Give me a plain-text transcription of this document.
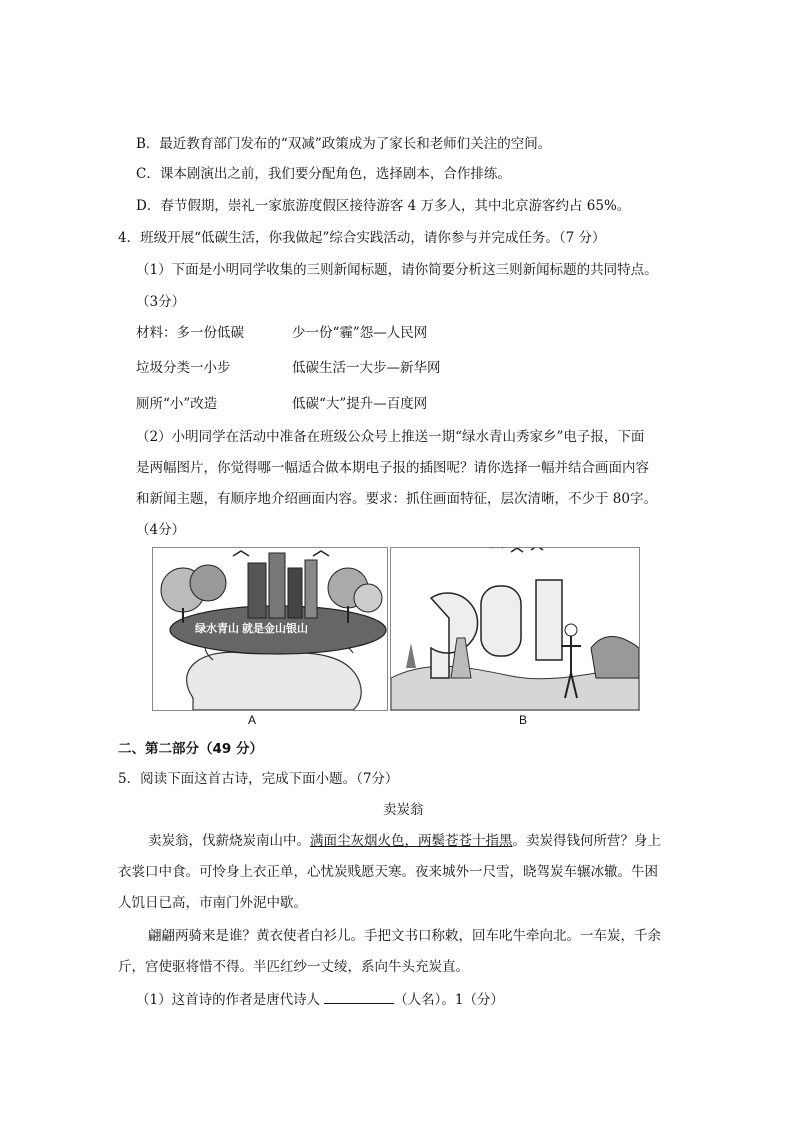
B．最近教育部门发布的“双减”政策成为了家长和老师们关注的空间。
C．课本剧演出之前，我们要分配角色，选择剧本，合作排练。
D．春节假期，崇礼一家旅游度假区接待游客 4 万多人，其中北京游客约占 65%。
4．班级开展“低碳生活，你我做起”综合实践活动，请你参与并完成任务。（7 分）
（1）下面是小明同学收集的三则新闻标题，请你简要分析这三则新闻标题的共同特点。
（3分）
材料：多一份低碳	少一份“霾”怨—人民网
垃圾分类一小步	低碳生活一大步—新华网
厕所“小”改造	低碳“大”提升—百度网
（2）小明同学在活动中准备在班级公众号上推送一期“绿水青山秀家乡”电子报，下面
是两幅图片，你觉得哪一幅适合做本期电子报的插图呢？请你选择一幅并结合画面内容
和新闻主题，有顺序地介绍画面内容。要求：抓住画面特征，层次清晰，不少于 80字。
（4分）
绿水青山 就是金山银山
A	B
二、第二部分（49 分）
5．阅读下面这首古诗，完成下面小题。（7分）
卖炭翁
卖炭翁，伐薪烧炭南山中。满面尘灰烟火色，两鬓苍苍十指黑。卖炭得钱何所营？身上
衣裳口中食。可怜身上衣正单，心忧炭贱愿天寒。夜来城外一尺雪，晓驾炭车辗冰辙。牛困
人饥日已高，市南门外泥中歇。
翩翩两骑来是谁？黄衣使者白衫儿。手把文书口称敕，回车叱牛牵向北。一车炭，千余
斤，宫使驱将惜不得。半匹红纱一丈绫，系向牛头充炭直。
（1）这首诗的作者是唐代诗人	（人名）。1（分）
